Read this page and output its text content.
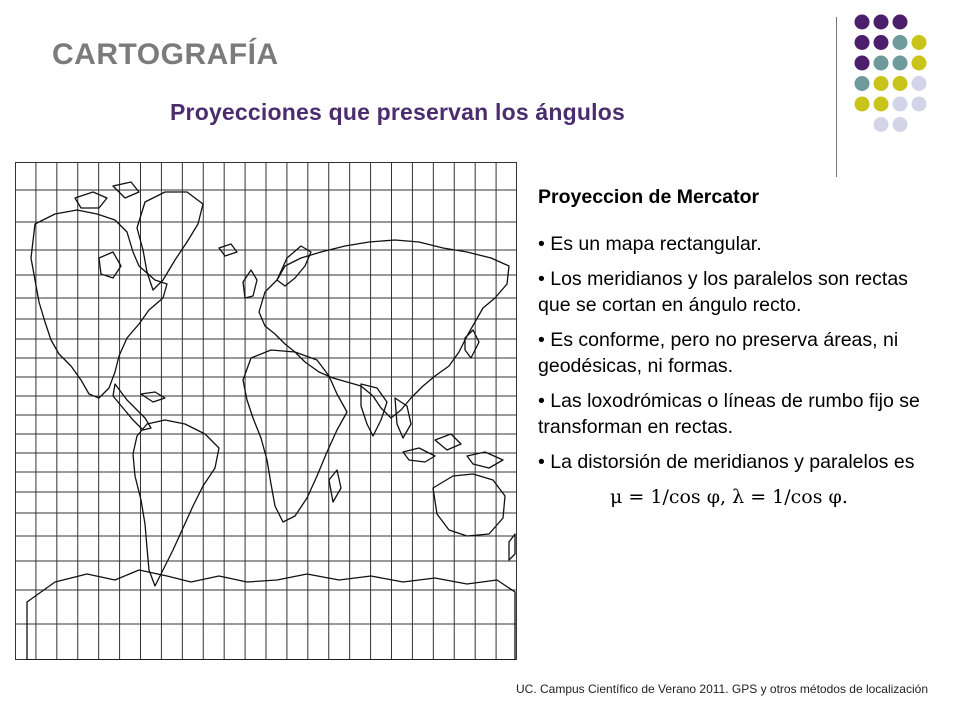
CARTOGRAFÍA
Proyecciones que preservan los ángulos
Proyeccion de Mercator
• Es un mapa rectangular.
• Los meridianos y los paralelos son rectas que se cortan en ángulo recto.
• Es conforme, pero no preserva áreas, ni geodésicas, ni formas.
• Las loxodrómicas o líneas de rumbo fijo se transforman en rectas.
• La distorsión de meridianos y paralelos es
μ = 1/cos φ, λ = 1/cos φ.
UC. Campus Científico de Verano 2011. GPS y otros métodos de localización
